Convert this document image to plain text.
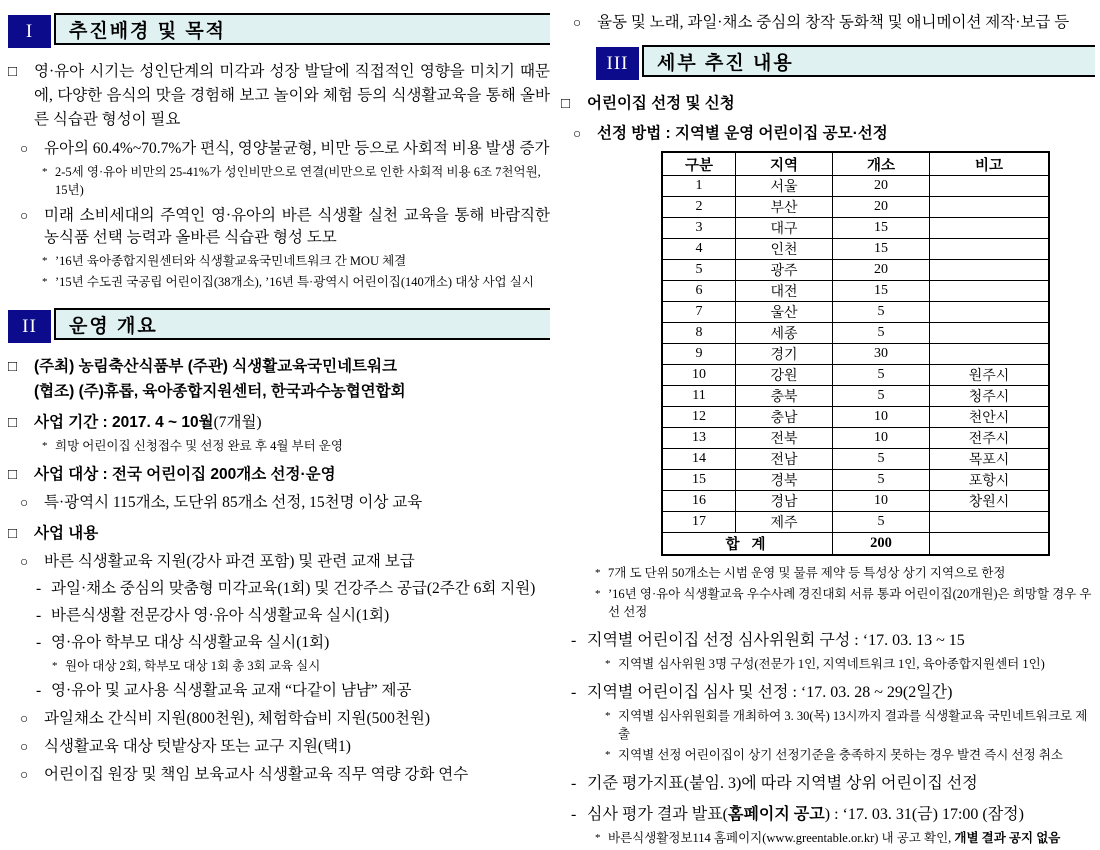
추진배경 및 목적
I
□	영·유아 시기는 성인단계의 미각과 성장 발달에 직접적인 영향을 미치기 때문에, 다양한 음식의 맛을 경험해 보고 놀이와 체험 등의 식생활교육을 통해 올바른 식습관 형성이 필요
○	유아의 60.4%~70.7%가 편식, 영양불균형, 비만 등으로 사회적 비용 발생 증가
* 2-5세 영·유아 비만의 25-41%가 성인비만으로 연결(비만으로 인한 사회적 비용 6조 7천억원, 15년)
○	미래 소비세대의 주역인 영·유아의 바른 식생활 실천 교육을 통해 바람직한 농식품 선택 능력과 올바른 식습관 형성 도모
* ’16년 육아종합지원센터와 식생활교육국민네트워크 간 MOU 체결
* ’15년 수도권 국공립 어린이집(38개소), ’16년 특·광역시 어린이집(140개소) 대상 사업 실시
운영 개요
II
□	(주최) 농림축산식품부 (주관) 식생활교육국민네트워크
(협조) (주)휴롭, 육아종합지원센터, 한국과수농협연합회
□	사업 기간 : 2017. 4 ~ 10월(7개월)
* 희망 어린이집 신청접수 및 선정 완료 후 4월 부터 운영
□	사업 대상 : 전국 어린이집 200개소 선정·운영
○	특·광역시 115개소, 도단위 85개소 선정, 15천명 이상 교육
□	사업 내용
○	바른 식생활교육 지원(강사 파견 포함) 및 관련 교재 보급
- 과일·채소 중심의 맞춤형 미각교육(1회) 및 건강주스 공급(2주간 6회 지원)
- 바른식생활 전문강사 영·유아 식생활교육 실시(1회)
- 영·유아 학부모 대상 식생활교육 실시(1회)
* 원아 대상 2회, 학부모 대상 1회 총 3회 교육 실시
- 영·유아 및 교사용 식생활교육 교재 “다같이 냠냠” 제공
○	과일채소 간식비 지원(800천원), 체험학습비 지원(500천원)
○	식생활교육 대상 텃밭상자 또는 교구 지원(택1)
○	어린이집 원장 및 책임 보육교사 식생활교육 직무 역량 강화 연수
○	율동 및 노래, 과일·채소 중심의 창작 동화책 및 애니메이션 제작·보급 등
세부 추진 내용
III
□	어린이집 선정 및 신청
○	선정 방법 : 지역별 운영 어린이집 공모·선정
구분	지역	개소	비고
1	서울	20	
2	부산	20	
3	대구	15	
4	인천	15	
5	광주	20	
6	대전	15	
7	울산	5	
8	세종	5	
9	경기	30	
10	강원	5	원주시
11	충북	5	청주시
12	충남	10	천안시
13	전북	10	전주시
14	전남	5	목포시
15	경북	5	포항시
16	경남	10	창원시
17	제주	5	
합 계		200	
* 7개 도 단위 50개소는 시범 운영 및 물류 제약 등 특성상 상기 지역으로 한정
* ’16년 영·유아 식생활교육 우수사례 경진대회 서류 통과 어린이집(20개원)은 희망할 경우 우선 선정
- 지역별 어린이집 선정 심사위원회 구성 : ‘17. 03. 13 ~ 15
* 지역별 심사위원 3명 구성(전문가 1인, 지역네트워크 1인, 육아종합지원센터 1인)
- 지역별 어린이집 심사 및 선정 : ‘17. 03. 28 ~ 29(2일간)
* 지역별 심사위원회를 개최하여 3. 30(목) 13시까지 결과를 식생활교육 국민네트워크로 제출
* 지역별 선정 어린이집이 상기 선정기준을 충족하지 못하는 경우 발견 즉시 선정 취소
- 기준 평가지표(붙임. 3)에 따라 지역별 상위 어린이집 선정
- 심사 평가 결과 발표(홈페이지 공고) : ‘17. 03. 31(금) 17:00 (잠정)
* 바른식생활정보114 홈페이지(www.greentable.or.kr) 내 공고 확인, 개별 결과 공지 없음
